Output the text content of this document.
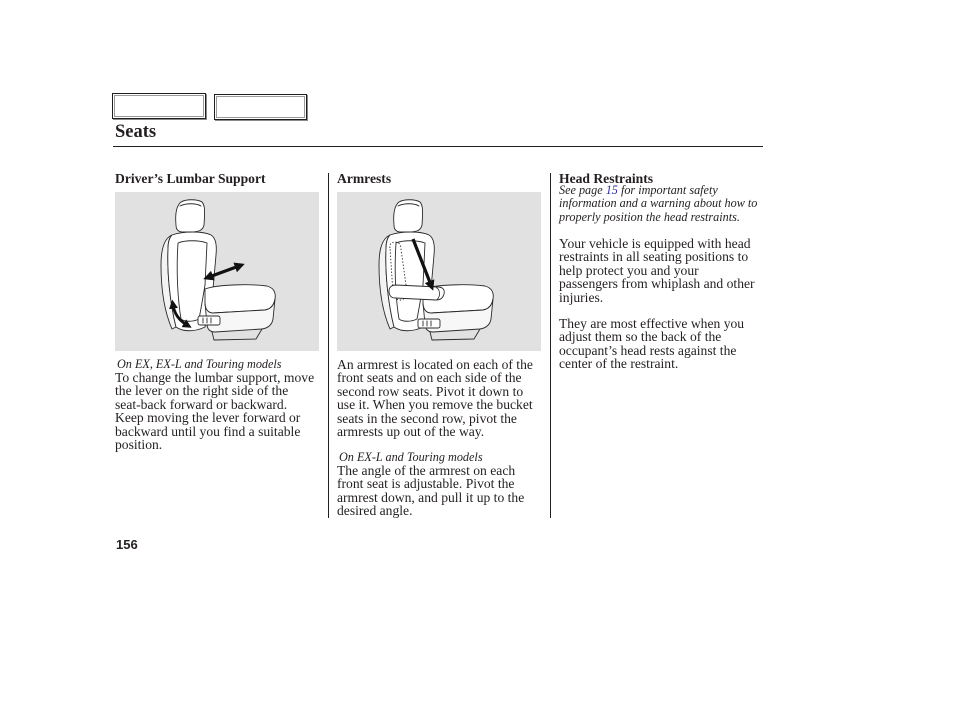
Seats
Driver’s Lumbar Support
On EX, EX-L and Touring models
To change the lumbar support, move
the lever on the right side of the
seat-back forward or backward.
Keep moving the lever forward or
backward until you find a suitable
position.
Armrests
An armrest is located on each of the
front seats and on each side of the
second row seats. Pivot it down to
use it. When you remove the bucket
seats in the second row, pivot the
armrests up out of the way.
On EX-L and Touring models
The angle of the armrest on each
front seat is adjustable. Pivot the
armrest down, and pull it up to the
desired angle.
Head Restraints
See page 15 for important safety
information and a warning about how to
properly position the head restraints.
Your vehicle is equipped with head
restraints in all seating positions to
help protect you and your
passengers from whiplash and other
injuries.
They are most effective when you
adjust them so the back of the
occupant’s head rests against the
center of the restraint.
156
